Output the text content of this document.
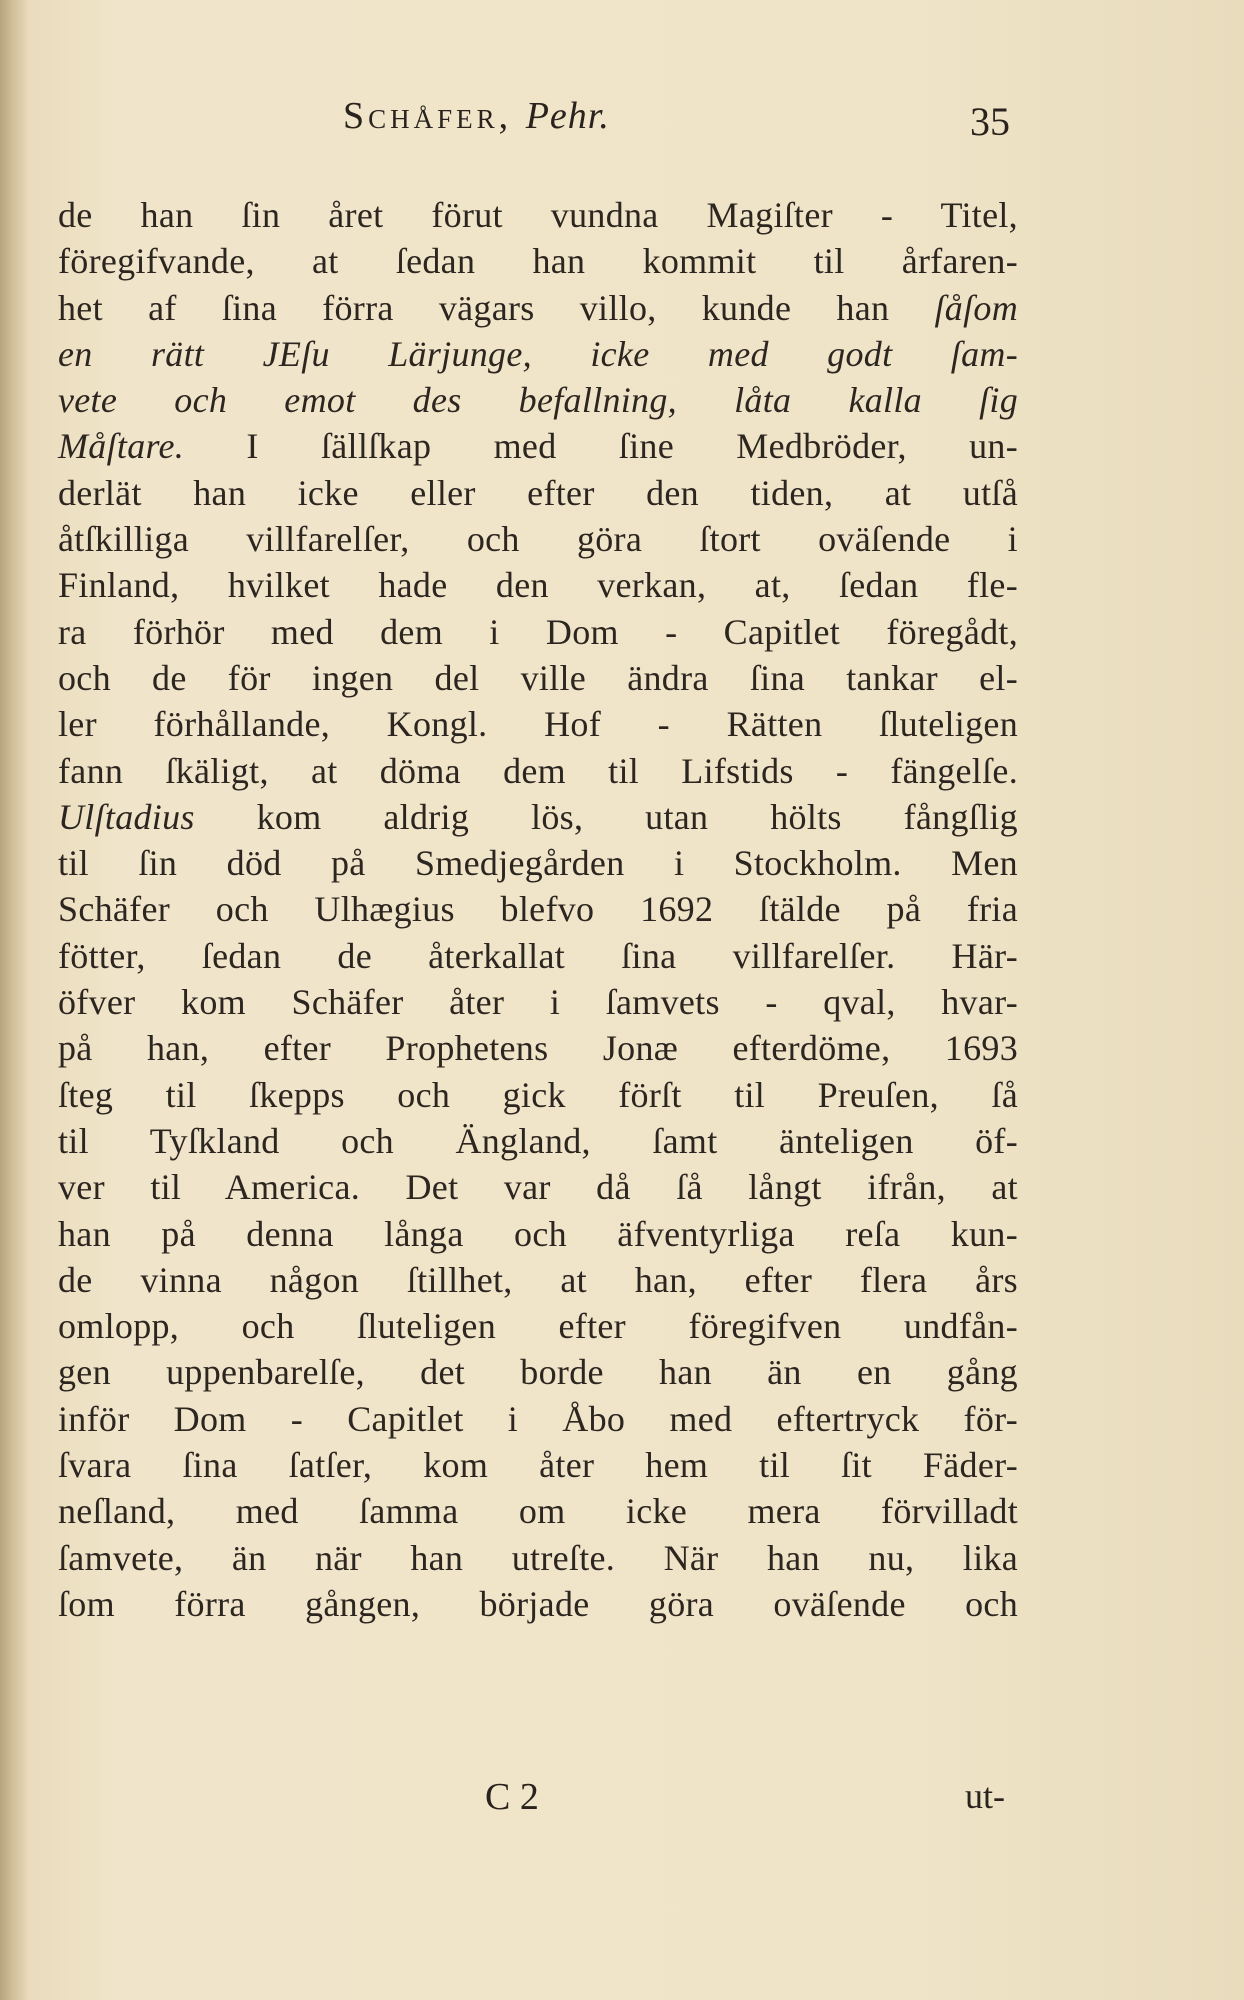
Schåfer, Pehr.	35
de han ſin året förut vundna Magiſter - Titel,
föregifvande, at ſedan han kommit til årfaren-
het af ſina förra vägars villo, kunde han ſåſom
en rätt JEſu Lärjunge, icke med godt ſam-
vete och emot des befallning, låta kalla ſig
Måſtare. I ſällſkap med ſine Medbröder, un-
derlät han icke eller efter den tiden, at utſå
åtſkilliga villfarelſer, och göra ſtort oväſende i
Finland, hvilket hade den verkan, at, ſedan fle-
ra förhör med dem i Dom - Capitlet föregådt,
och de för ingen del ville ändra ſina tankar el-
ler förhållande, Kongl. Hof - Rätten ſluteligen
fann ſkäligt, at döma dem til Lifstids - fängelſe.
Ulſtadius kom aldrig lös, utan hölts fångſlig
til ſin död på Smedjegården i Stockholm. Men
Schäfer och Ulhægius blefvo 1692 ſtälde på fria
fötter, ſedan de återkallat ſina villfarelſer. Här-
öfver kom Schäfer åter i ſamvets - qval, hvar-
på han, efter Prophetens Jonæ efterdöme, 1693
ſteg til ſkepps och gick förſt til Preuſen, ſå
til Tyſkland och Ängland, ſamt änteligen öf-
ver til America. Det var då ſå långt ifrån, at
han på denna långa och äfventyrliga reſa kun-
de vinna någon ſtillhet, at han, efter flera års
omlopp, och ſluteligen efter föregifven undfån-
gen uppenbarelſe, det borde han än en gång
inför Dom - Capitlet i Åbo med eftertryck för-
ſvara ſina ſatſer, kom åter hem til ſit Fäder-
neſland, med ſamma om icke mera förvilladt
ſamvete, än när han utreſte. När han nu, lika
ſom förra gången, började göra oväſende och
C 2	ut-
